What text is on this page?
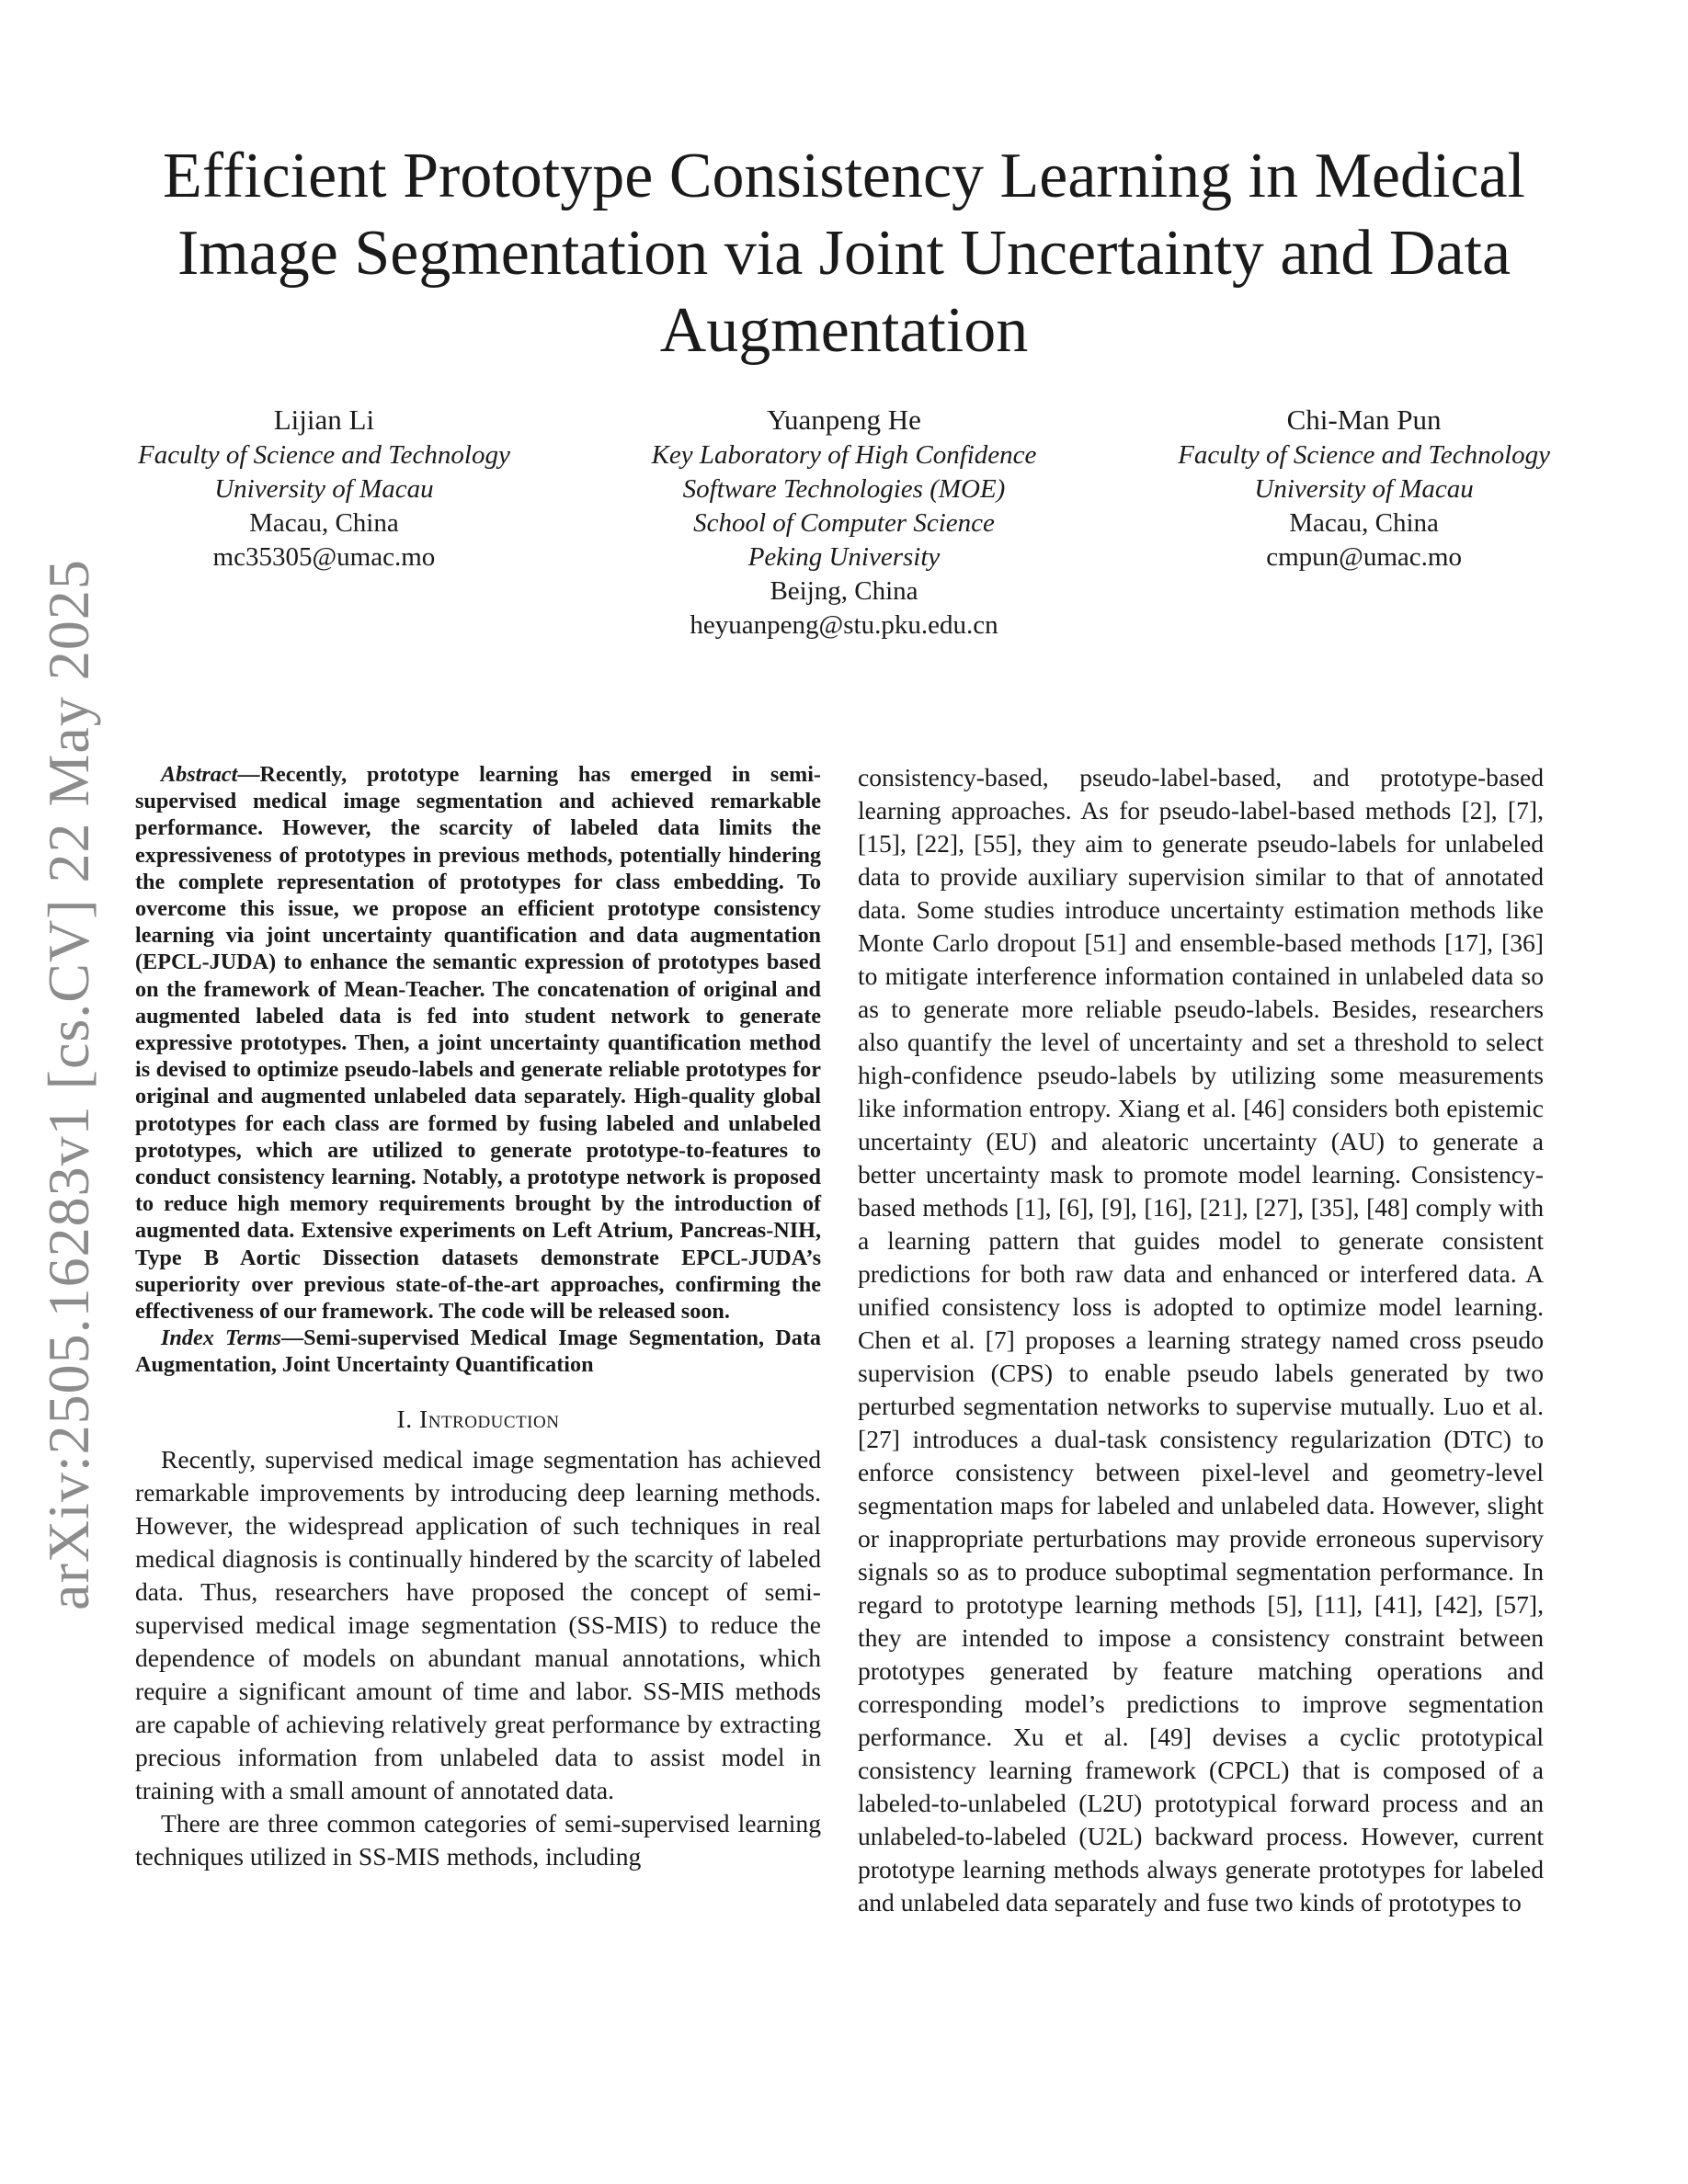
arXiv:2505.16283v1 [cs.CV] 22 May 2025
Efficient Prototype Consistency Learning in Medical Image Segmentation via Joint Uncertainty and Data Augmentation
Lijian Li
Faculty of Science and Technology
University of Macau
Macau, China
mc35305@umac.mo
Yuanpeng He
Key Laboratory of High Confidence
Software Technologies (MOE)
School of Computer Science
Peking University
Beijng, China
heyuanpeng@stu.pku.edu.cn
Chi-Man Pun
Faculty of Science and Technology
University of Macau
Macau, China
cmpun@umac.mo

Abstract—Recently, prototype learning has emerged in semi-supervised medical image segmentation and achieved remarkable performance. However, the scarcity of labeled data limits the expressiveness of prototypes in previous methods, potentially hindering the complete representation of prototypes for class embedding. To overcome this issue, we propose an efficient prototype consistency learning via joint uncertainty quantification and data augmentation (EPCL-JUDA) to enhance the semantic expression of prototypes based on the framework of Mean-Teacher. The concatenation of original and augmented labeled data is fed into student network to generate expressive prototypes. Then, a joint uncertainty quantification method is devised to optimize pseudo-labels and generate reliable prototypes for original and augmented unlabeled data separately. High-quality global prototypes for each class are formed by fusing labeled and unlabeled prototypes, which are utilized to generate prototype-to-features to conduct consistency learning. Notably, a prototype network is proposed to reduce high memory requirements brought by the introduction of augmented data. Extensive experiments on Left Atrium, Pancreas-NIH, Type B Aortic Dissection datasets demonstrate EPCL-JUDA’s superiority over previous state-of-the-art approaches, confirming the effectiveness of our framework. The code will be released soon.

Index Terms—Semi-supervised Medical Image Segmentation, Data Augmentation, Joint Uncertainty Quantification

I. Introduction

Recently, supervised medical image segmentation has achieved remarkable improvements by introducing deep learning methods. However, the widespread application of such techniques in real medical diagnosis is continually hindered by the scarcity of labeled data. Thus, researchers have proposed the concept of semi-supervised medical image segmentation (SS-MIS) to reduce the dependence of models on abundant manual annotations, which require a significant amount of time and labor. SS-MIS methods are capable of achieving relatively great performance by extracting precious information from unlabeled data to assist model in training with a small amount of annotated data.

There are three common categories of semi-supervised learning techniques utilized in SS-MIS methods, including

consistency-based, pseudo-label-based, and prototype-based learning approaches. As for pseudo-label-based methods [2], [7], [15], [22], [55], they aim to generate pseudo-labels for unlabeled data to provide auxiliary supervision similar to that of annotated data. Some studies introduce uncertainty estimation methods like Monte Carlo dropout [51] and ensemble-based methods [17], [36] to mitigate interference information contained in unlabeled data so as to generate more reliable pseudo-labels. Besides, researchers also quantify the level of uncertainty and set a threshold to select high-confidence pseudo-labels by utilizing some measurements like information entropy. Xiang et al. [46] considers both epistemic uncertainty (EU) and aleatoric uncertainty (AU) to generate a better uncertainty mask to promote model learning. Consistency-based methods [1], [6], [9], [16], [21], [27], [35], [48] comply with a learning pattern that guides model to generate consistent predictions for both raw data and enhanced or interfered data. A unified consistency loss is adopted to optimize model learning. Chen et al. [7] proposes a learning strategy named cross pseudo supervision (CPS) to enable pseudo labels generated by two perturbed segmentation networks to supervise mutually. Luo et al. [27] introduces a dual-task consistency regularization (DTC) to enforce consistency between pixel-level and geometry-level segmentation maps for labeled and unlabeled data. However, slight or inappropriate perturbations may provide erroneous supervisory signals so as to produce suboptimal segmentation performance. In regard to prototype learning methods [5], [11], [41], [42], [57], they are intended to impose a consistency constraint between prototypes generated by feature matching operations and corresponding model’s predictions to improve segmentation performance. Xu et al. [49] devises a cyclic prototypical consistency learning framework (CPCL) that is composed of a labeled-to-unlabeled (L2U) prototypical forward process and an unlabeled-to-labeled (U2L) backward process. However, current prototype learning methods always generate prototypes for labeled and unlabeled data separately and fuse two kinds of prototypes to
